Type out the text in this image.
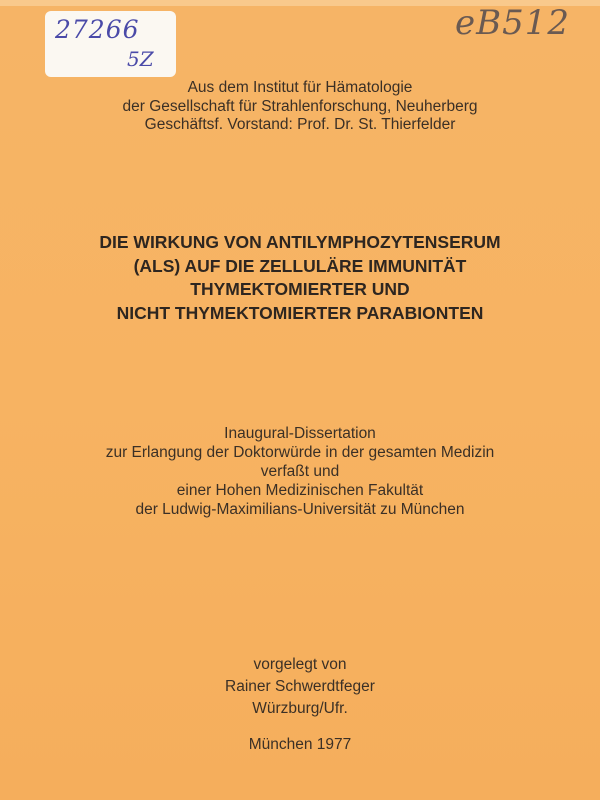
27266
5Z
eB512
Aus dem Institut für Hämatologie
der Gesellschaft für Strahlenforschung, Neuherberg
Geschäftsf. Vorstand: Prof. Dr. St. Thierfelder
DIE WIRKUNG VON ANTILYMPHOZYTENSERUM
(ALS) AUF DIE ZELLULÄRE IMMUNITÄT
THYMEKTOMIERTER UND
NICHT THYMEKTOMIERTER PARABIONTEN
Inaugural-Dissertation
zur Erlangung der Doktorwürde in der gesamten Medizin
verfaßt und
einer Hohen Medizinischen Fakultät
der Ludwig-Maximilians-Universität zu München
vorgelegt von
Rainer Schwerdtfeger
Würzburg/Ufr.
München 1977
